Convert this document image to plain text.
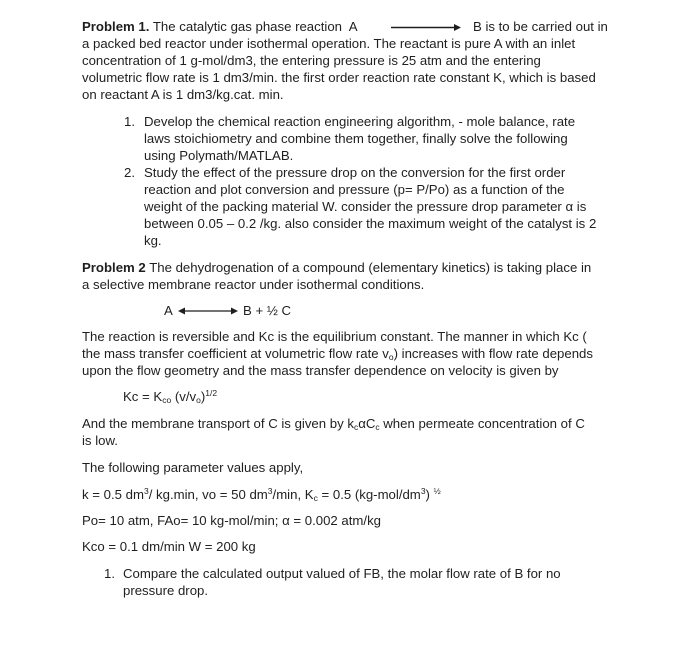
Problem 1. The catalytic gas phase reaction A	B is to be carried out in
a packed bed reactor under isothermal operation. The reactant is pure A with an inlet
concentration of 1 g-mol/dm3, the entering pressure is 25 atm and the entering
volumetric flow rate is 1 dm3/min. the first order reaction rate constant K, which is based
on reactant A is 1 dm3/kg.cat. min.
1. Develop the chemical reaction engineering algorithm, - mole balance, rate
laws stoichiometry and combine them together, finally solve the following
using Polymath/MATLAB.
2. Study the effect of the pressure drop on the conversion for the first order
reaction and plot conversion and pressure (p= P/Po) as a function of the
weight of the packing material W. consider the pressure drop parameter α is
between 0.05 – 0.2 /kg. also consider the maximum weight of the catalyst is 2
kg.
Problem 2 The dehydrogenation of a compound (elementary kinetics) is taking place in
a selective membrane reactor under isothermal conditions.
A	B + ½ C
The reaction is reversible and Kc is the equilibrium constant. The manner in which Kc (
the mass transfer coefficient at volumetric flow rate $v_o$) increases with flow rate depends
upon the flow geometry and the mass transfer dependence on velocity is given by
$Kc = K_{co}$ $(v/v_o)^{1/2}$
And the membrane transport of C is given by $k_c\alpha C_c$ when permeate concentration of C
is low.
The following parameter values apply,
k = 0.5 $dm^3/$ kg.min, vo = 50 $dm^3/\min$, $K_c = 0.5$ $(kg-mol/dm^3)$ $^{\frac{1}{2}}$
Po= 10 atm, FAo= 10 kg-mol/min; α = 0.002 atm/kg
Kco = 0.1 dm/min W = 200 kg
1. Compare the calculated output valued of FB, the molar flow rate of B for no
pressure drop.
